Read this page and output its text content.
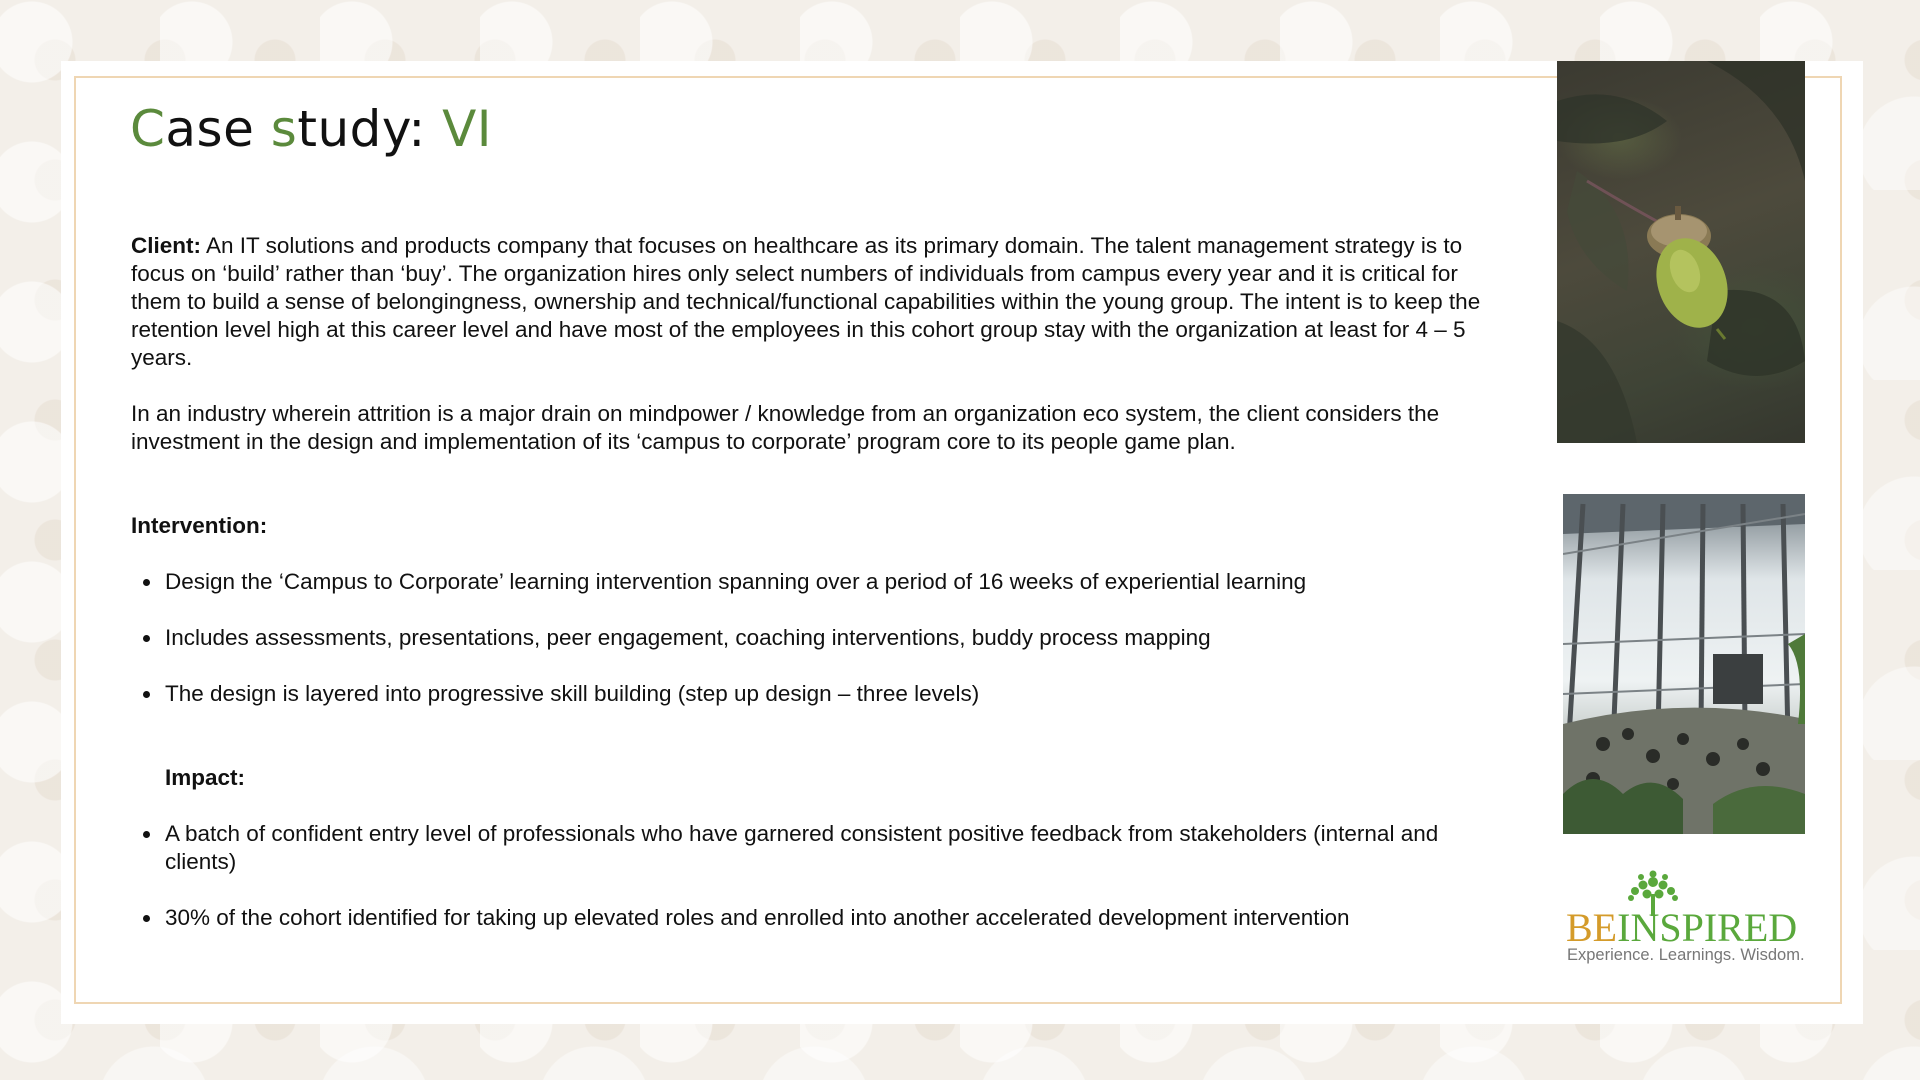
Case study: VI

Client: An IT solutions and products company that focuses on healthcare as its primary domain. The talent management strategy is to focus on ‘build’ rather than ‘buy’. The organization hires only select numbers of individuals from campus every year and it is critical for them to build a sense of belongingness, ownership and technical/functional capabilities within the young group. The intent is to keep the retention level high at this career level and have most of the employees in this cohort group stay with the organization at least for 4 – 5 years.

In an industry wherein attrition is a major drain on mindpower / knowledge from an organization eco system, the client considers the investment in the design and implementation of its ‘campus to corporate’ program core to its people game plan.

Intervention:

Design the ‘Campus to Corporate’ learning intervention spanning over a period of 16 weeks of experiential learning
Includes assessments, presentations, peer engagement, coaching interventions, buddy process mapping
The design is layered into progressive skill building (step up design – three levels)

Impact:

A batch of confident entry level of professionals who have garnered consistent positive feedback from stakeholders (internal and clients)
30% of the cohort identified for taking up elevated roles and enrolled into another accelerated development intervention	BEINSPIRED
Experience. Learnings. Wisdom.
